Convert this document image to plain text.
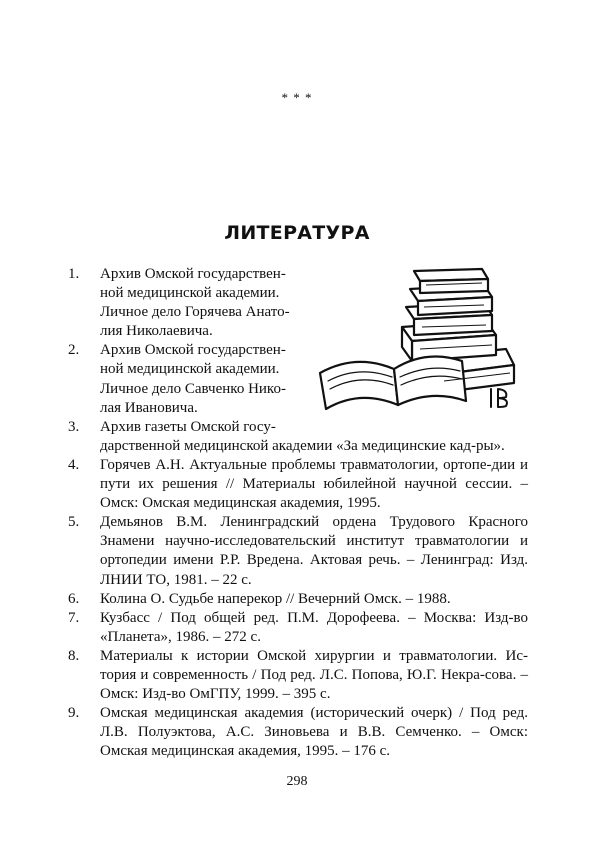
* * *
ЛИТЕРАТУРА
1. Архив Омской государствен-
ной медицинской академии.
Личное дело Горячева Анато-
лия Николаевича.
2. Архив Омской государствен-
ной медицинской академии.
Личное дело Савченко Нико-
лая Ивановича.
3. Архив газеты Омской госу-
дарственной медицинской академии «За медицинские кад-ры».
4. Горячев А.Н. Актуальные проблемы травматологии, ортопе-дии и пути их решения // Материалы юбилейной научной сессии. – Омск: Омская медицинская академия, 1995.
5. Демьянов В.М. Ленинградский ордена Трудового Красного Знамени научно-исследовательский институт травматологии и ортопедии имени Р.Р. Вредена. Актовая речь. – Ленинград: Изд. ЛНИИ ТО, 1981. – 22 с.
6. Колина О. Судьбе наперекор // Вечерний Омск. – 1988.
7. Кузбасс / Под общей ред. П.М. Дорофеева. – Москва: Изд-во «Планета», 1986. – 272 с.
8. Материалы к истории Омской хирургии и травматологии. Ис-тория и современность / Под ред. Л.С. Попова, Ю.Г. Некра-сова. – Омск: Изд-во ОмГПУ, 1999. – 395 с.
9. Омская медицинская академия (исторический очерк) / Под ред. Л.В. Полуэктова, А.С. Зиновьева и В.В. Семченко. – Омск: Омская медицинская академия, 1995. – 176 с.
298
